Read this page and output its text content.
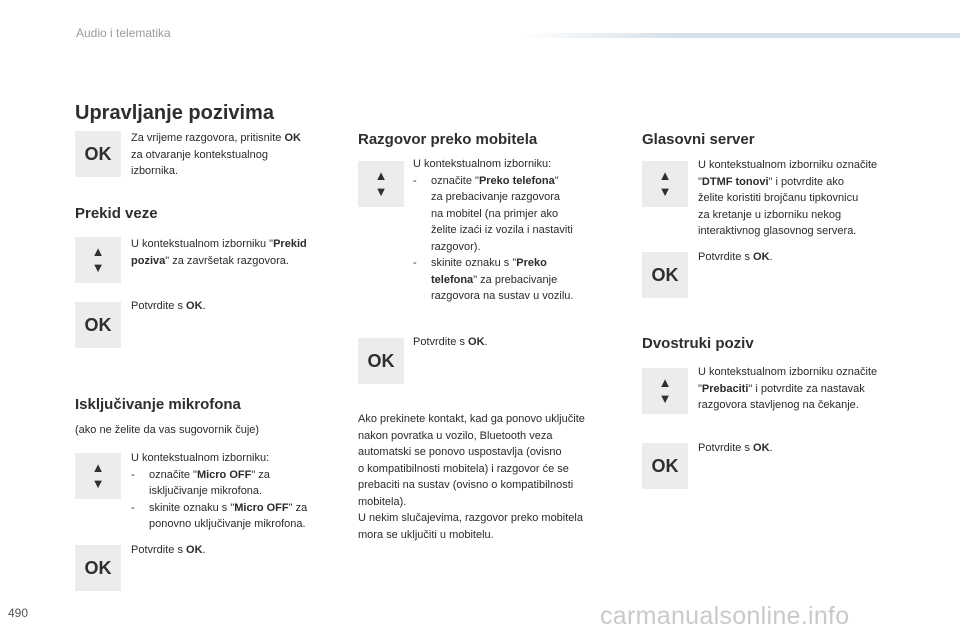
Audio i telematika
Upravljanje pozivima
OK
Za vrijeme razgovora, pritisnite OK
za otvaranje kontekstualnog
izbornika.
Prekid veze
▲
▼
U kontekstualnom izborniku "Prekid
poziva" za završetak razgovora.
OK
Potvrdite s OK.
Isključivanje mikrofona
(ako ne želite da vas sugovornik čuje)
▲
▼
U kontekstualnom izborniku:
-	označite "Micro OFF" za
isključivanje mikrofona.
-	skinite oznaku s "Micro OFF" za
ponovno uključivanje mikrofona.
OK
Potvrdite s OK.
Razgovor preko mobitela
▲
▼
U kontekstualnom izborniku:
-	označite "Preko telefona"
za prebacivanje razgovora
na mobitel (na primjer ako
želite izaći iz vozila i nastaviti
razgovor).
-	skinite oznaku s "Preko
telefona" za prebacivanje
razgovora na sustav u vozilu.
OK
Potvrdite s OK.
Ako prekinete kontakt, kad ga ponovo uključite
nakon povratka u vozilo, Bluetooth veza
automatski se ponovo uspostavlja (ovisno
o kompatibilnosti mobitela) i razgovor će se
prebaciti na sustav (ovisno o kompatibilnosti
mobitela).
U nekim slučajevima, razgovor preko mobitela
mora se uključiti u mobitelu.
Glasovni server
▲
▼
U kontekstualnom izborniku označite
"DTMF tonovi" i potvrdite ako
želite koristiti brojčanu tipkovnicu
za kretanje u izborniku nekog
interaktivnog glasovnog servera.
OK
Potvrdite s OK.
Dvostruki poziv
▲
▼
U kontekstualnom izborniku označite
"Prebaciti" i potvrdite za nastavak
razgovora stavljenog na čekanje.
OK
Potvrdite s OK.
490	carmanualsonline.info
